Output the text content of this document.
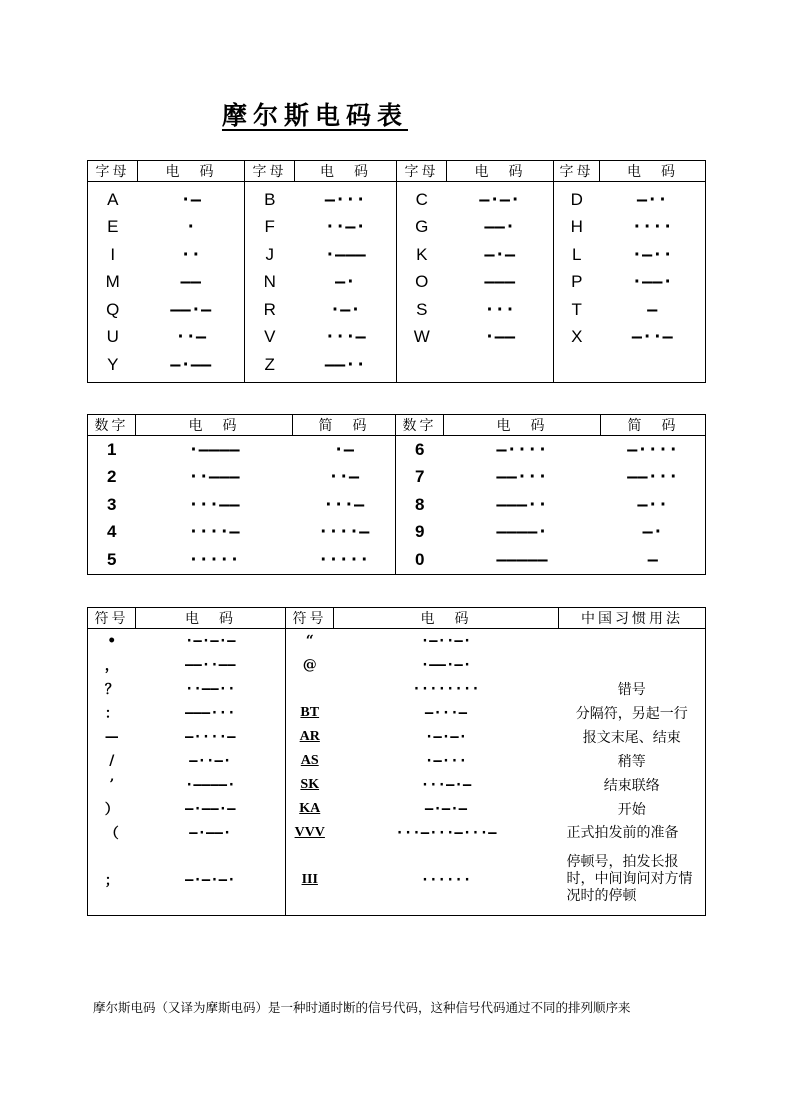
摩尔斯电码表
字母	电　码	字母	电　码	字母	电　码	字母	电　码
A	·—	B	—···	C	—·—·	D	—··
E	·	F	··—·	G	——·	H	····
I	··	J	·———	K	—·—	L	·—··
M	——	N	—·	O	———	P	·——·
Q	——·—	R	·—·	S	···	T	—
U	··—	V	···—	W	·——	X	—··—
Y	—·——	Z	——··				
数字	电　码	简　码	数字	电　码	简　码
1	·————	·—	6	—····	—····
2	··———	··—	7	——···	——···
3	···——	···—	8	———··	—··
4	····—	····—	9	————·	—·
5	·····	·····	0	—————	—
符号	电　码	符号	电　码	中国习惯用法
•	·—·—·—	“	·—··—·	
，	——··——	@	·——·—·	
？	··——··		········	错号
：	———···	BT	—···—	分隔符，另起一行
—	—····—	AR	·—·—·	报文末尾、结束
/	—··—·	AS	·—···	稍等
’	·————·	SK	···—·—	结束联络
）	—·——·—	KA	—·—·—	开始
（	—·——·	VVV	···—···—···—	正式拍发前的准备
；	—·—·—·	III	······	停顿号，拍发长报时，中间询问对方情况时的停顿
摩尔斯电码（又译为摩斯电码）是一种时通时断的信号代码，这种信号代码通过不同的排列顺序来
